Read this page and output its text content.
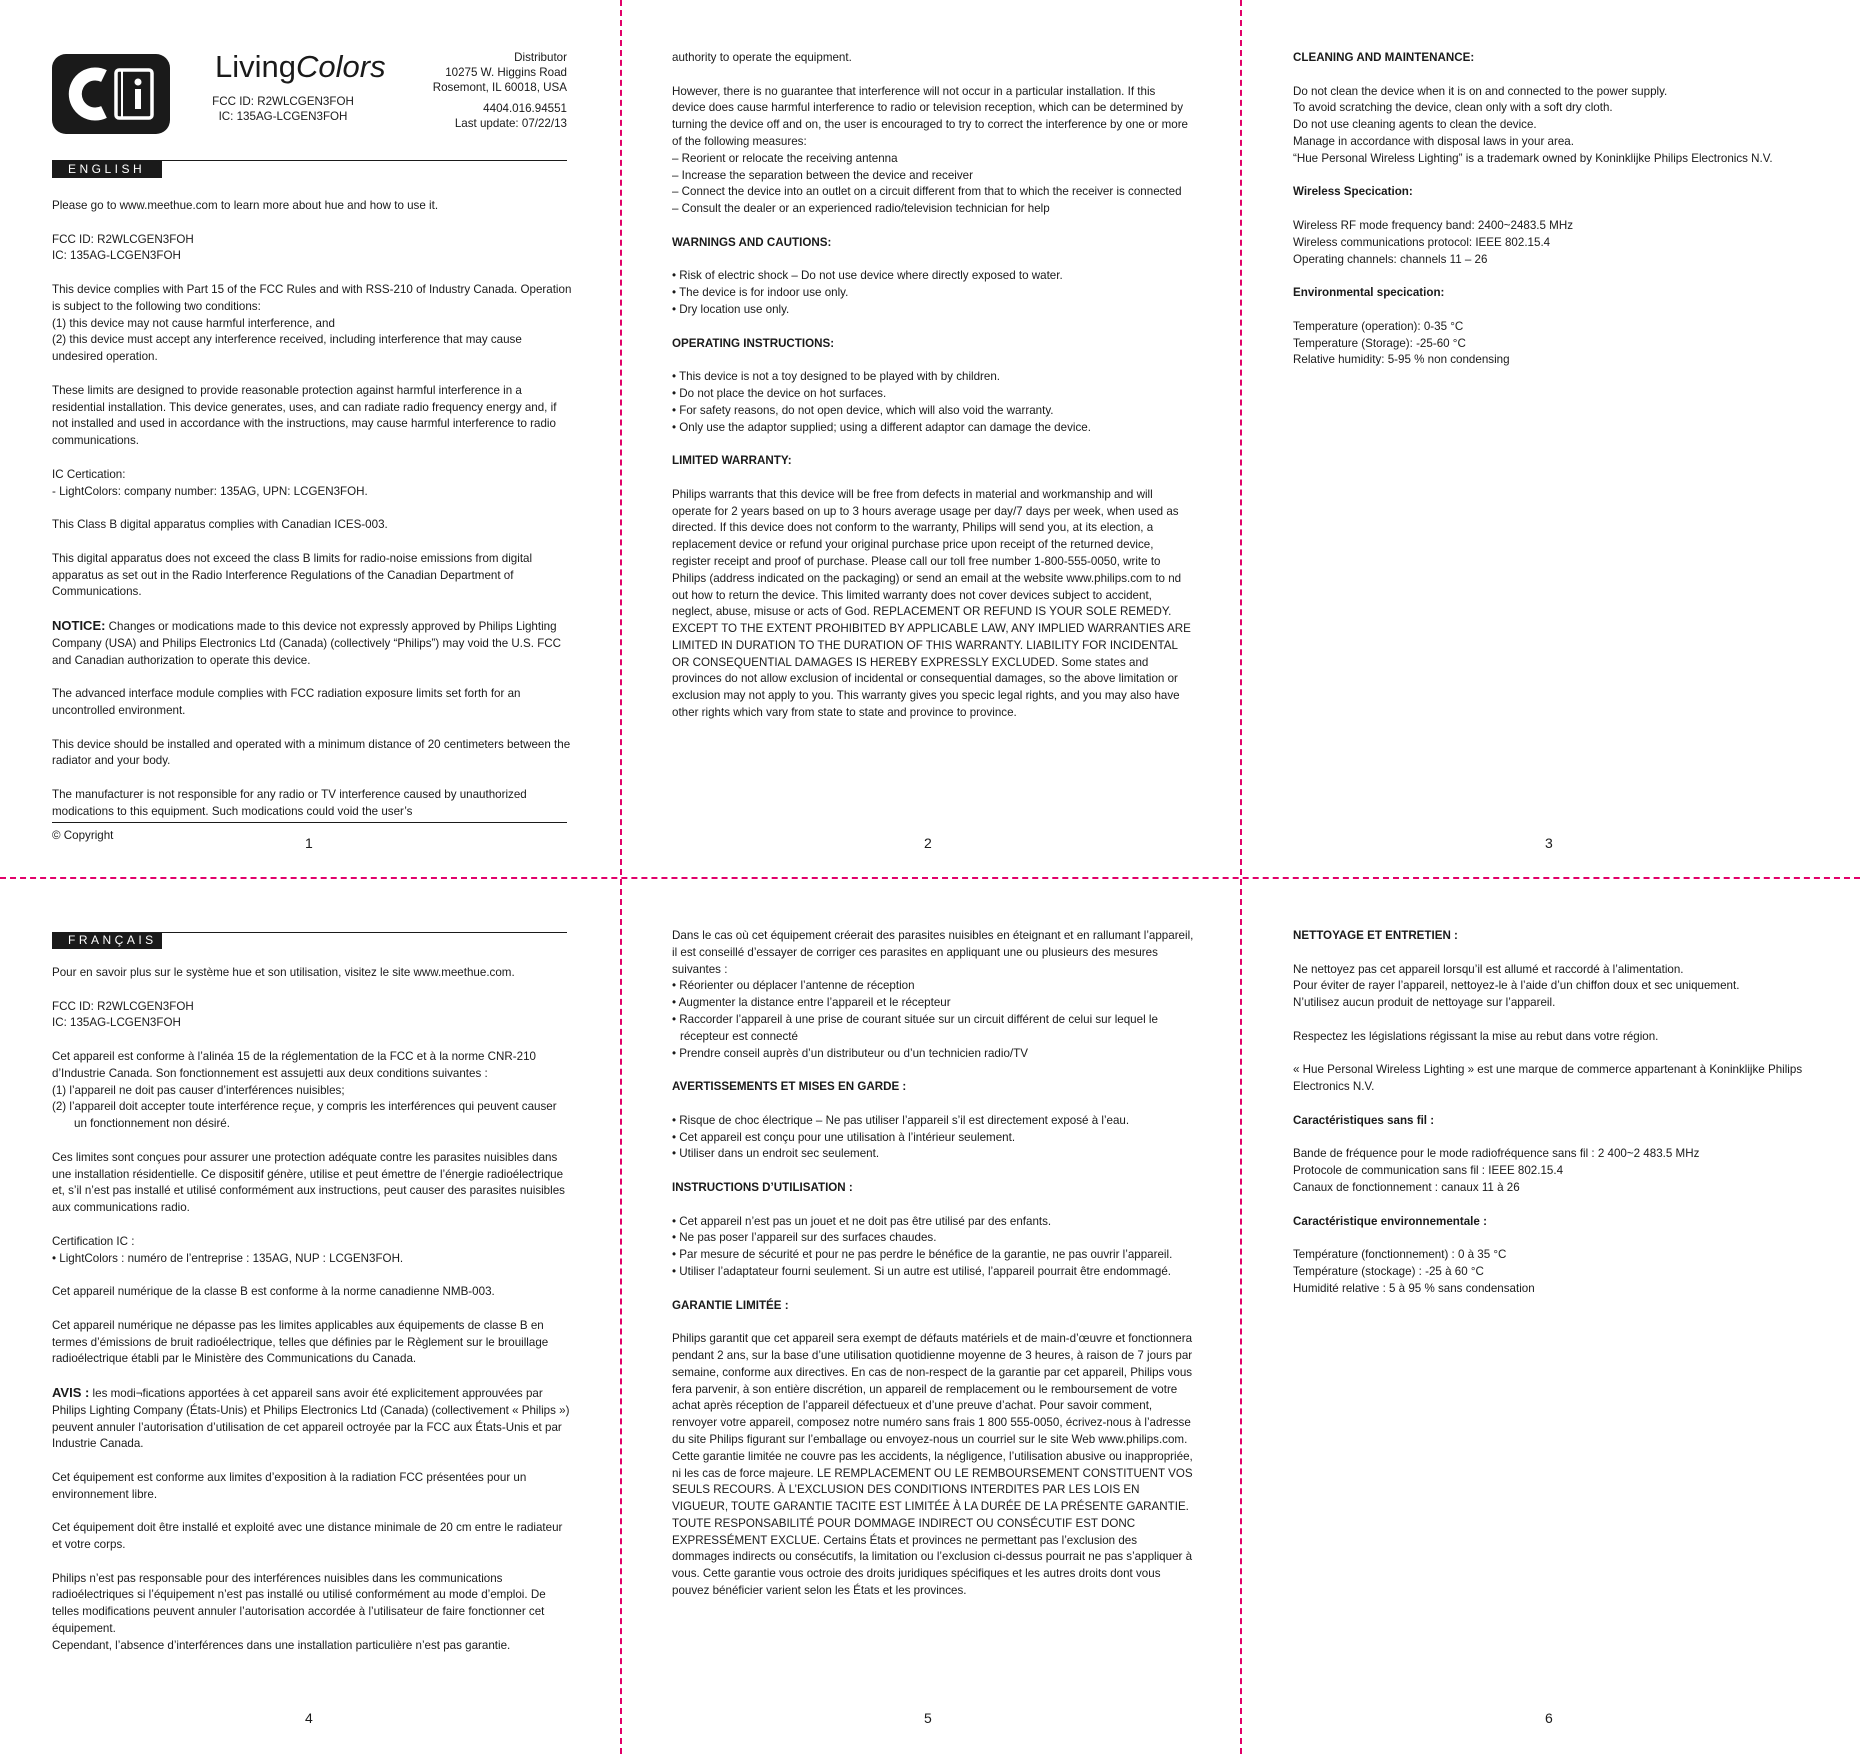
LivingColors
FCC ID: R2WLCGEN3FOH
IC: 135AG-LCGEN3FOH
Distributor
10275 W. Higgins Road
Rosemont, IL 60018, USA
4404.016.94551
Last update: 07/22/13
ENGLISH

Please go to www.meethue.com to learn more about hue and how to use it.

FCC ID: R2WLCGEN3FOH
IC: 135AG-LCGEN3FOH

This device complies with Part 15 of the FCC Rules and with RSS-210 of Industry Canada. Operation is subject to the following two conditions:
(1) this device may not cause harmful interference, and
(2) this device must accept any interference received, including interference that may cause undesired operation.

These limits are designed to provide reasonable protection against harmful interference in a residential installation. This device generates, uses, and can radiate radio frequency energy and, if not installed and used in accordance with the instructions, may cause harmful interference to radio communications.

IC Certication:
- LightColors: company number: 135AG, UPN: LCGEN3FOH.

This Class B digital apparatus complies with Canadian ICES-003.

This digital apparatus does not exceed the class B limits for radio-noise emissions from digital apparatus as set out in the Radio Interference Regulations of the Canadian Department of Communications.

NOTICE: Changes or modications made to this device not expressly approved by Philips Lighting Company (USA) and Philips Electronics Ltd (Canada) (collectively “Philips”) may void the U.S. FCC and Canadian authorization to operate this device.

The advanced interface module complies with FCC radiation exposure limits set forth for an uncontrolled environment.

This device should be installed and operated with a minimum distance of 20 centimeters between the radiator and your body.

The manufacturer is not responsible for any radio or TV interference caused by unauthorized modications to this equipment. Such modications could void the user’s

© Copyright	1

authority to operate the equipment.

However, there is no guarantee that interference will not occur in a particular installation. If this device does cause harmful interference to radio or television reception, which can be determined by turning the device off and on, the user is encouraged to try to correct the interference by one or more of the following measures:
– Reorient or relocate the receiving antenna
– Increase the separation between the device and receiver
– Connect the device into an outlet on a circuit different from that to which the receiver is connected
– Consult the dealer or an experienced radio/television technician for help
WARNINGS AND CAUTIONS:
• Risk of electric shock – Do not use device where directly exposed to water.
• The device is for indoor use only.
• Dry location use only.
OPERATING INSTRUCTIONS:
• This device is not a toy designed to be played with by children.
• Do not place the device on hot surfaces.
• For safety reasons, do not open device, which will also void the warranty.
• Only use the adaptor supplied; using a different adaptor can damage the device.
LIMITED WARRANTY:

Philips warrants that this device will be free from defects in material and workmanship and will operate for 2 years based on up to 3 hours average usage per day/7 days per week, when used as directed. If this device does not conform to the warranty, Philips will send you, at its election, a replacement device or refund your original purchase price upon receipt of the returned device, register receipt and proof of purchase. Please call our toll free number 1-800-555-0050, write to Philips (address indicated on the packaging) or send an email at the website www.philips.com to nd out how to return the device. This limited warranty does not cover devices subject to accident, neglect, abuse, misuse or acts of God. REPLACEMENT OR REFUND IS YOUR SOLE REMEDY. EXCEPT TO THE EXTENT PROHIBITED BY APPLICABLE LAW, ANY IMPLIED WARRANTIES ARE LIMITED IN DURATION TO THE DURATION OF THIS WARRANTY. LIABILITY FOR INCIDENTAL OR CONSEQUENTIAL DAMAGES IS HEREBY EXPRESSLY EXCLUDED. Some states and provinces do not allow exclusion of incidental or consequential damages, so the above limitation or exclusion may not apply to you. This warranty gives you specic legal rights, and you may also have other rights which vary from state to state and province to province.

2
CLEANING AND MAINTENANCE:

Do not clean the device when it is on and connected to the power supply.
To avoid scratching the device, clean only with a soft dry cloth.
Do not use cleaning agents to clean the device.
Manage in accordance with disposal laws in your area.
“Hue Personal Wireless Lighting” is a trademark owned by Koninklijke Philips Electronics N.V.

Wireless Specication:

Wireless RF mode frequency band: 2400~2483.5 MHz
Wireless communications protocol: IEEE 802.15.4
Operating channels: channels 11 – 26

Environmental specication:

Temperature (operation): 0-35 °C
Temperature (Storage): -25-60 °C
Relative humidity: 5-95 % non condensing

3
FRANÇAIS

Pour en savoir plus sur le système hue et son utilisation, visitez le site www.meethue.com.

FCC ID: R2WLCGEN3FOH
IC: 135AG-LCGEN3FOH

Cet appareil est conforme à l’alinéa 15 de la réglementation de la FCC et à la norme CNR-210 d’Industrie Canada. Son fonctionnement est assujetti aux deux conditions suivantes :
(1) l’appareil ne doit pas causer d’interférences nuisibles;
(2) l’appareil doit accepter toute interférence reçue, y compris les interférences qui peuvent causer un fonctionnement non désiré.

Ces limites sont conçues pour assurer une protection adéquate contre les parasites nuisibles dans une installation résidentielle. Ce dispositif génère, utilise et peut émettre de l’énergie radioélectrique et, s’il n’est pas installé et utilisé conformément aux instructions, peut causer des parasites nuisibles aux communications radio.

Certification IC :
• LightColors : numéro de l’entreprise : 135AG, NUP : LCGEN3FOH.

Cet appareil numérique de la classe B est conforme à la norme canadienne NMB-003.

Cet appareil numérique ne dépasse pas les limites applicables aux équipements de classe B en termes d’émissions de bruit radioélectrique, telles que définies par le Règlement sur le brouillage radioélectrique établi par le Ministère des Communications du Canada.

AVIS : les modi¬fications apportées à cet appareil sans avoir été explicitement approuvées par Philips Lighting Company (États-Unis) et Philips Electronics Ltd (Canada) (collectivement « Philips ») peuvent annuler l’autorisation d’utilisation de cet appareil octroyée par la FCC aux États-Unis et par Industrie Canada.

Cet équipement est conforme aux limites d’exposition à la radiation FCC présentées pour un environnement libre.

Cet équipement doit être installé et exploité avec une distance minimale de 20 cm entre le radiateur et votre corps.

Philips n’est pas responsable pour des interférences nuisibles dans les communications radioélectriques si l’équipement n’est pas installé ou utilisé conformément au mode d’emploi. De telles modifications peuvent annuler l’autorisation accordée à l’utilisateur de faire fonctionner cet équipement.
Cependant, l’absence d’interférences dans une installation particulière n’est pas garantie.

4
Dans le cas où cet équipement créerait des parasites nuisibles en éteignant et en rallumant l’appareil, il est conseillé d’essayer de corriger ces parasites en appliquant une ou plusieurs des mesures suivantes :
• Réorienter ou déplacer l’antenne de réception
• Augmenter la distance entre l’appareil et le récepteur
• Raccorder l’appareil à une prise de courant située sur un circuit différent de celui sur lequel le récepteur est connecté
• Prendre conseil auprès d’un distributeur ou d’un technicien radio/TV
AVERTISSEMENTS ET MISES EN GARDE :
• Risque de choc électrique – Ne pas utiliser l’appareil s’il est directement exposé à l’eau.
• Cet appareil est conçu pour une utilisation à l’intérieur seulement.
• Utiliser dans un endroit sec seulement.
INSTRUCTIONS D’UTILISATION :
• Cet appareil n’est pas un jouet et ne doit pas être utilisé par des enfants.
• Ne pas poser l’appareil sur des surfaces chaudes.
• Par mesure de sécurité et pour ne pas perdre le bénéfice de la garantie, ne pas ouvrir l’appareil.
• Utiliser l’adaptateur fourni seulement. Si un autre est utilisé, l’appareil pourrait être endommagé.
GARANTIE LIMITÉE :

Philips garantit que cet appareil sera exempt de défauts matériels et de main-d’œuvre et fonctionnera pendant 2 ans, sur la base d’une utilisation quotidienne moyenne de 3 heures, à raison de 7 jours par semaine, conforme aux directives. En cas de non-respect de la garantie par cet appareil, Philips vous fera parvenir, à son entière discrétion, un appareil de remplacement ou le remboursement de votre achat après réception de l’appareil défectueux et d’une preuve d’achat. Pour savoir comment, renvoyer votre appareil, composez notre numéro sans frais 1 800 555-0050, écrivez-nous à l’adresse du site Philips figurant sur l’emballage ou envoyez-nous un courriel sur le site Web www.philips.com. Cette garantie limitée ne couvre pas les accidents, la négligence, l’utilisation abusive ou inappropriée, ni les cas de force majeure. LE REMPLACEMENT OU LE REMBOURSEMENT CONSTITUENT VOS SEULS RECOURS. À L’EXCLUSION DES CONDITIONS INTERDITES PAR LES LOIS EN VIGUEUR, TOUTE GARANTIE TACITE EST LIMITÉE À LA DURÉE DE LA PRÉSENTE GARANTIE. TOUTE RESPONSABILITÉ POUR DOMMAGE INDIRECT OU CONSÉCUTIF EST DONC EXPRESSÉMENT EXCLUE. Certains États et provinces ne permettant pas l’exclusion des dommages indirects ou consécutifs, la limitation ou l’exclusion ci-dessus pourrait ne pas s’appliquer à vous. Cette garantie vous octroie des droits juridiques spécifiques et les autres droits dont vous pouvez bénéficier varient selon les États et les provinces.

5
NETTOYAGE ET ENTRETIEN :

Ne nettoyez pas cet appareil lorsqu’il est allumé et raccordé à l’alimentation.
Pour éviter de rayer l’appareil, nettoyez-le à l’aide d’un chiffon doux et sec uniquement.
N’utilisez aucun produit de nettoyage sur l’appareil.

Respectez les législations régissant la mise au rebut dans votre région.

« Hue Personal Wireless Lighting » est une marque de commerce appartenant à Koninklijke Philips Electronics N.V.

Caractéristiques sans fil :

Bande de fréquence pour le mode radiofréquence sans fil : 2 400~2 483.5 MHz
Protocole de communication sans fil : IEEE 802.15.4
Canaux de fonctionnement : canaux 11 à 26

Caractéristique environnementale :

Température (fonctionnement) : 0 à 35 °C
Température (stockage) : -25 à 60 °C
Humidité relative : 5 à 95 % sans condensation

6
